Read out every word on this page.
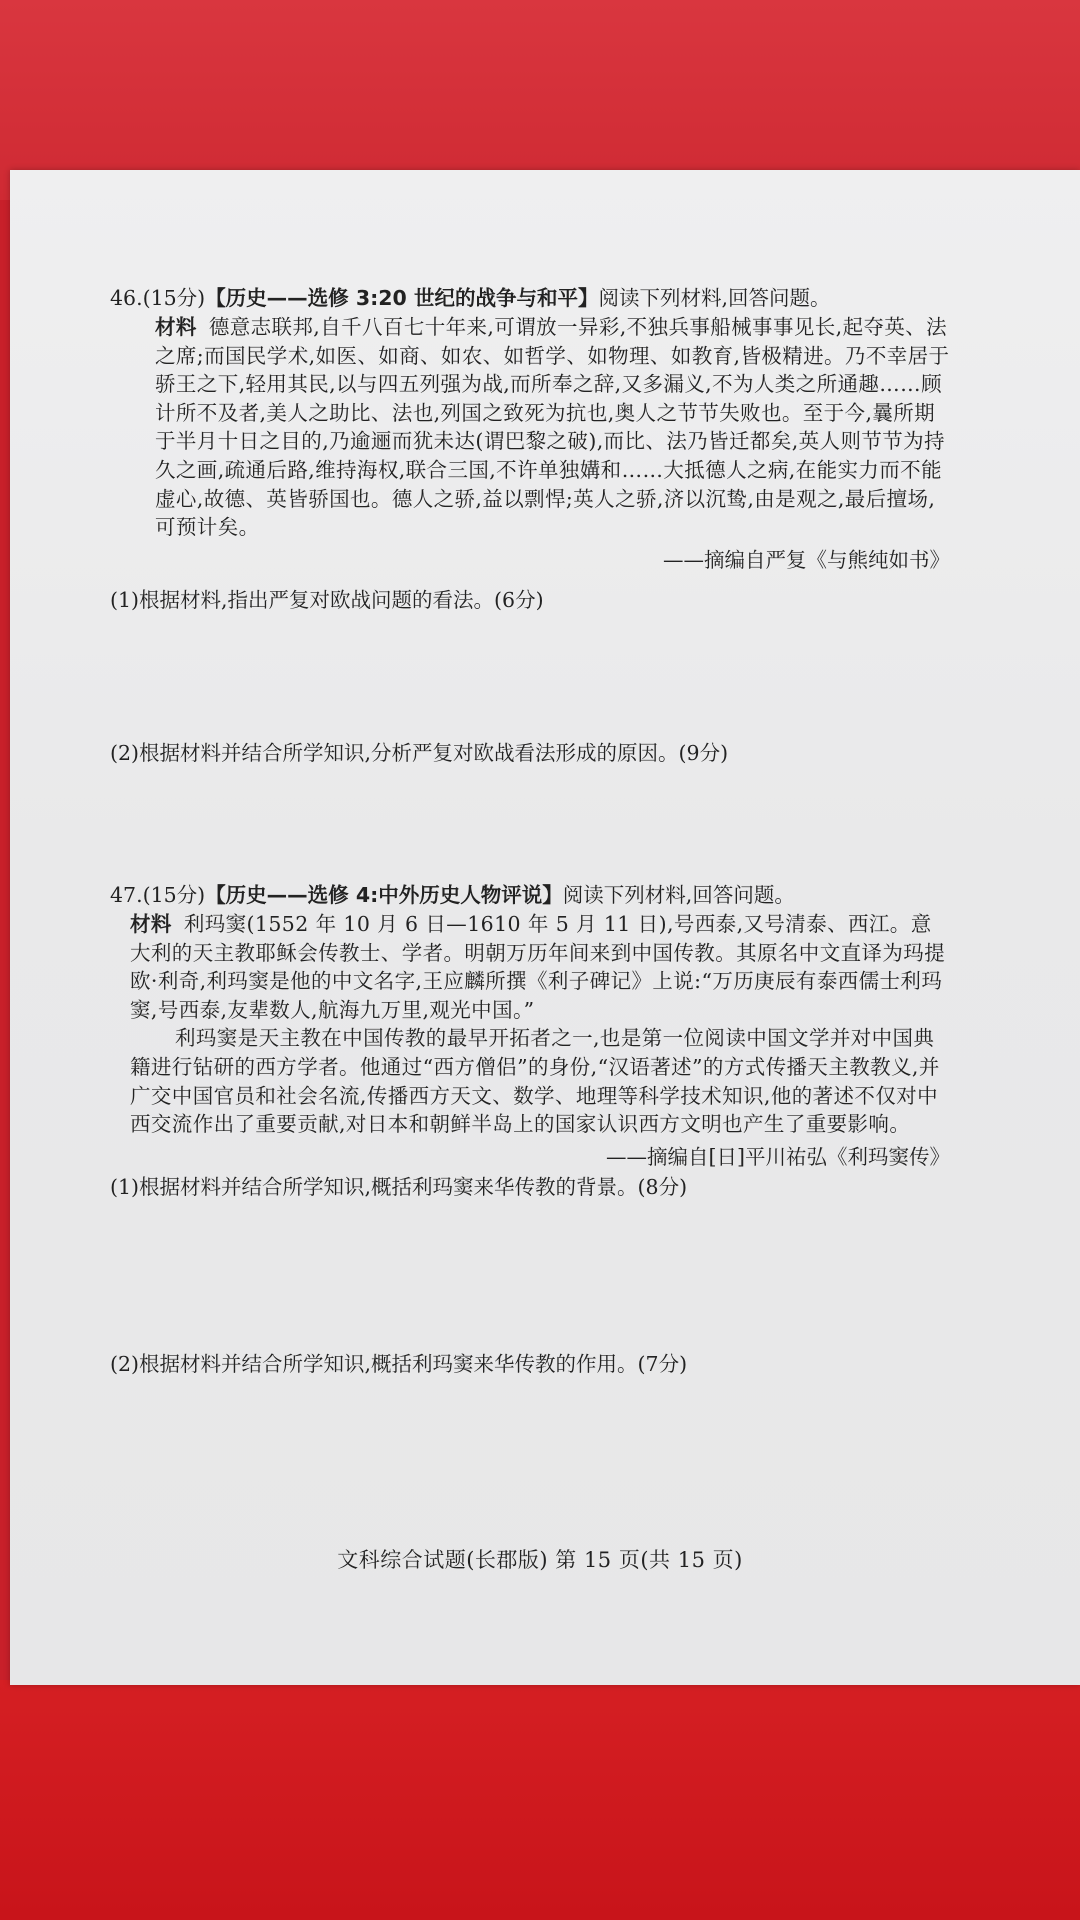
46.(15分)【历史——选修 3:20 世纪的战争与和平】阅读下列材料,回答问题。

材料 德意志联邦,自千八百七十年来,可谓放一异彩,不独兵事船械事事见长,起夺英、法之席;而国民学术,如医、如商、如农、如哲学、如物理、如教育,皆极精进。乃不幸居于骄王之下,轻用其民,以与四五列强为战,而所奉之辞,又多漏义,不为人类之所通趣……顾计所不及者,美人之助比、法也,列国之致死为抗也,奥人之节节失败也。至于今,曩所期于半月十日之目的,乃逾逦而犹未达(谓巴黎之破),而比、法乃皆迁都矣,英人则节节为持久之画,疏通后路,维持海权,联合三国,不许单独媾和……大抵德人之病,在能实力而不能虚心,故德、英皆骄国也。德人之骄,益以剽悍;英人之骄,济以沉鸷,由是观之,最后擅场,可预计矣。

——摘编自严复《与熊纯如书》

(1)根据材料,指出严复对欧战问题的看法。(6分)

(2)根据材料并结合所学知识,分析严复对欧战看法形成的原因。(9分)

47.(15分)【历史——选修 4:中外历史人物评说】阅读下列材料,回答问题。

材料 利玛窦(1552 年 10 月 6 日—1610 年 5 月 11 日),号西泰,又号清泰、西江。意大利的天主教耶稣会传教士、学者。明朝万历年间来到中国传教。其原名中文直译为玛提欧·利奇,利玛窦是他的中文名字,王应麟所撰《利子碑记》上说:“万历庚辰有泰西儒士利玛窦,号西泰,友辈数人,航海九万里,观光中国。”

利玛窦是天主教在中国传教的最早开拓者之一,也是第一位阅读中国文学并对中国典籍进行钻研的西方学者。他通过“西方僧侣”的身份,“汉语著述”的方式传播天主教教义,并广交中国官员和社会名流,传播西方天文、数学、地理等科学技术知识,他的著述不仅对中西交流作出了重要贡献,对日本和朝鲜半岛上的国家认识西方文明也产生了重要影响。

——摘编自[日]平川祐弘《利玛窦传》

(1)根据材料并结合所学知识,概括利玛窦来华传教的背景。(8分)

(2)根据材料并结合所学知识,概括利玛窦来华传教的作用。(7分)

文科综合试题(长郡版) 第 15 页(共 15 页)
